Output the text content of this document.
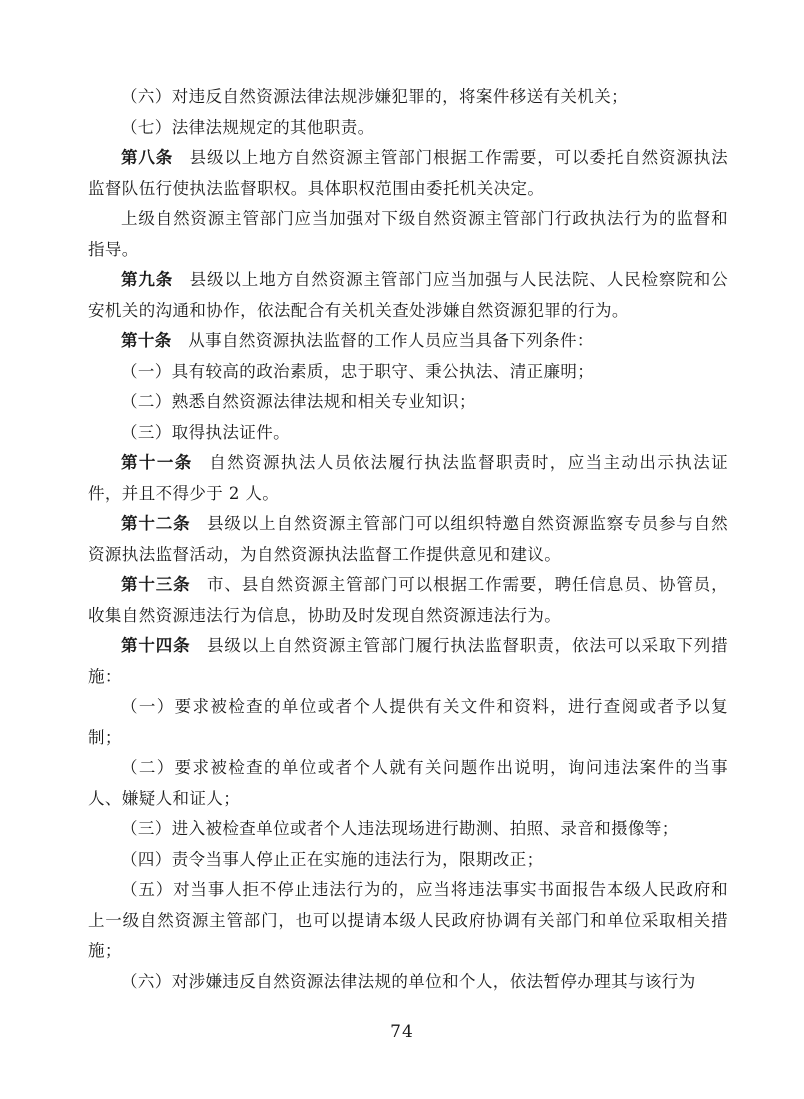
（六）对违反自然资源法律法规涉嫌犯罪的，将案件移送有关机关；

（七）法律法规规定的其他职责。

第八条 县级以上地方自然资源主管部门根据工作需要，可以委托自然资源执法监督队伍行使执法监督职权。具体职权范围由委托机关决定。

上级自然资源主管部门应当加强对下级自然资源主管部门行政执法行为的监督和指导。

第九条 县级以上地方自然资源主管部门应当加强与人民法院、人民检察院和公安机关的沟通和协作，依法配合有关机关查处涉嫌自然资源犯罪的行为。

第十条 从事自然资源执法监督的工作人员应当具备下列条件：

（一）具有较高的政治素质，忠于职守、秉公执法、清正廉明；

（二）熟悉自然资源法律法规和相关专业知识；

（三）取得执法证件。

第十一条 自然资源执法人员依法履行执法监督职责时，应当主动出示执法证件，并且不得少于 2 人。

第十二条 县级以上自然资源主管部门可以组织特邀自然资源监察专员参与自然资源执法监督活动，为自然资源执法监督工作提供意见和建议。

第十三条 市、县自然资源主管部门可以根据工作需要，聘任信息员、协管员，收集自然资源违法行为信息，协助及时发现自然资源违法行为。

第十四条 县级以上自然资源主管部门履行执法监督职责，依法可以采取下列措施：

（一）要求被检查的单位或者个人提供有关文件和资料，进行查阅或者予以复制；

（二）要求被检查的单位或者个人就有关问题作出说明，询问违法案件的当事人、嫌疑人和证人；

（三）进入被检查单位或者个人违法现场进行勘测、拍照、录音和摄像等；

（四）责令当事人停止正在实施的违法行为，限期改正；

（五）对当事人拒不停止违法行为的，应当将违法事实书面报告本级人民政府和上一级自然资源主管部门，也可以提请本级人民政府协调有关部门和单位采取相关措施；

（六）对涉嫌违反自然资源法律法规的单位和个人，依法暂停办理其与该行为

74
